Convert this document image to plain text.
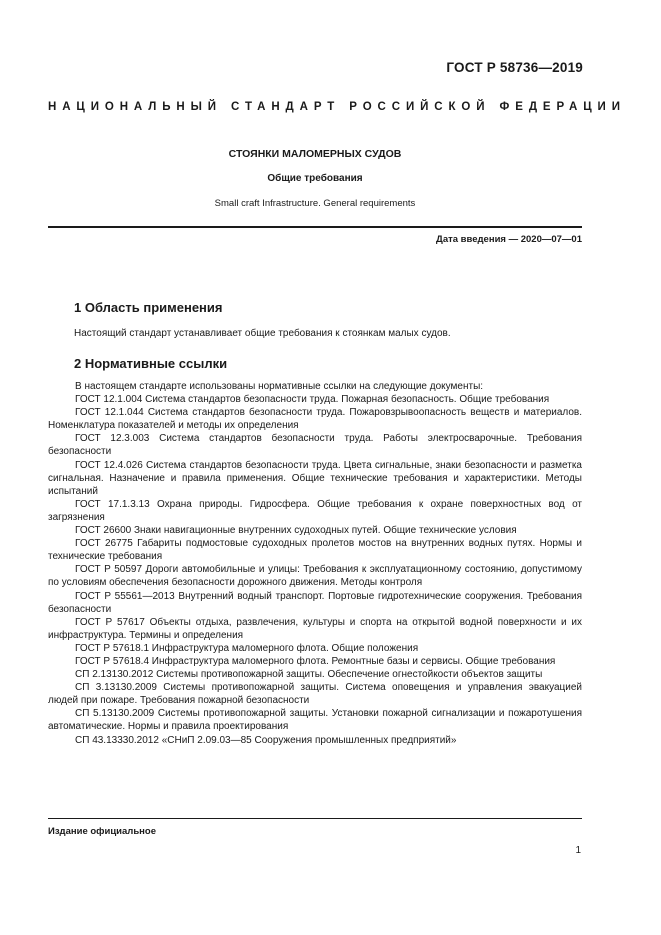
ГОСТ Р 58736—2019
НАЦИОНАЛЬНЫЙ СТАНДАРТ РОССИЙСКОЙ ФЕДЕРАЦИИ
СТОЯНКИ МАЛОМЕРНЫХ СУДОВ
Общие требования
Small craft Infrastructure. General requirements
Дата введения — 2020—07—01
1 Область применения
Настоящий стандарт устанавливает общие требования к стоянкам малых судов.
2 Нормативные ссылки

В настоящем стандарте использованы нормативные ссылки на следующие документы:

ГОСТ 12.1.004 Система стандартов безопасности труда. Пожарная безопасность. Общие требования

ГОСТ 12.1.044 Система стандартов безопасности труда. Пожаровзрывоопасность веществ и материалов. Номенклатура показателей и методы их определения

ГОСТ 12.3.003 Система стандартов безопасности труда. Работы электросварочные. Требования безопасности

ГОСТ 12.4.026 Система стандартов безопасности труда. Цвета сигнальные, знаки безопасности и разметка сигнальная. Назначение и правила применения. Общие технические требования и характеристики. Методы испытаний

ГОСТ 17.1.3.13 Охрана природы. Гидросфера. Общие требования к охране поверхностных вод от загрязнения

ГОСТ 26600 Знаки навигационные внутренних судоходных путей. Общие технические условия

ГОСТ 26775 Габариты подмостовые судоходных пролетов мостов на внутренних водных путях. Нормы и технические требования

ГОСТ Р 50597 Дороги автомобильные и улицы: Требования к эксплуатационному состоянию, допустимому по условиям обеспечения безопасности дорожного движения. Методы контроля

ГОСТ Р 55561—2013 Внутренний водный транспорт. Портовые гидротехнические сооружения. Требования безопасности

ГОСТ Р 57617 Объекты отдыха, развлечения, культуры и спорта на открытой водной поверхности и их инфраструктура. Термины и определения

ГОСТ Р 57618.1 Инфраструктура маломерного флота. Общие положения

ГОСТ Р 57618.4 Инфраструктура маломерного флота. Ремонтные базы и сервисы. Общие требования

СП 2.13130.2012 Системы противопожарной защиты. Обеспечение огнестойкости объектов защиты

СП 3.13130.2009 Системы противопожарной защиты. Система оповещения и управления эвакуацией людей при пожаре. Требования пожарной безопасности

СП 5.13130.2009 Системы противопожарной защиты. Установки пожарной сигнализации и пожаротушения автоматические. Нормы и правила проектирования

СП 43.13330.2012 «СНиП 2.09.03—85 Сооружения промышленных предприятий»

Издание официальное
1
